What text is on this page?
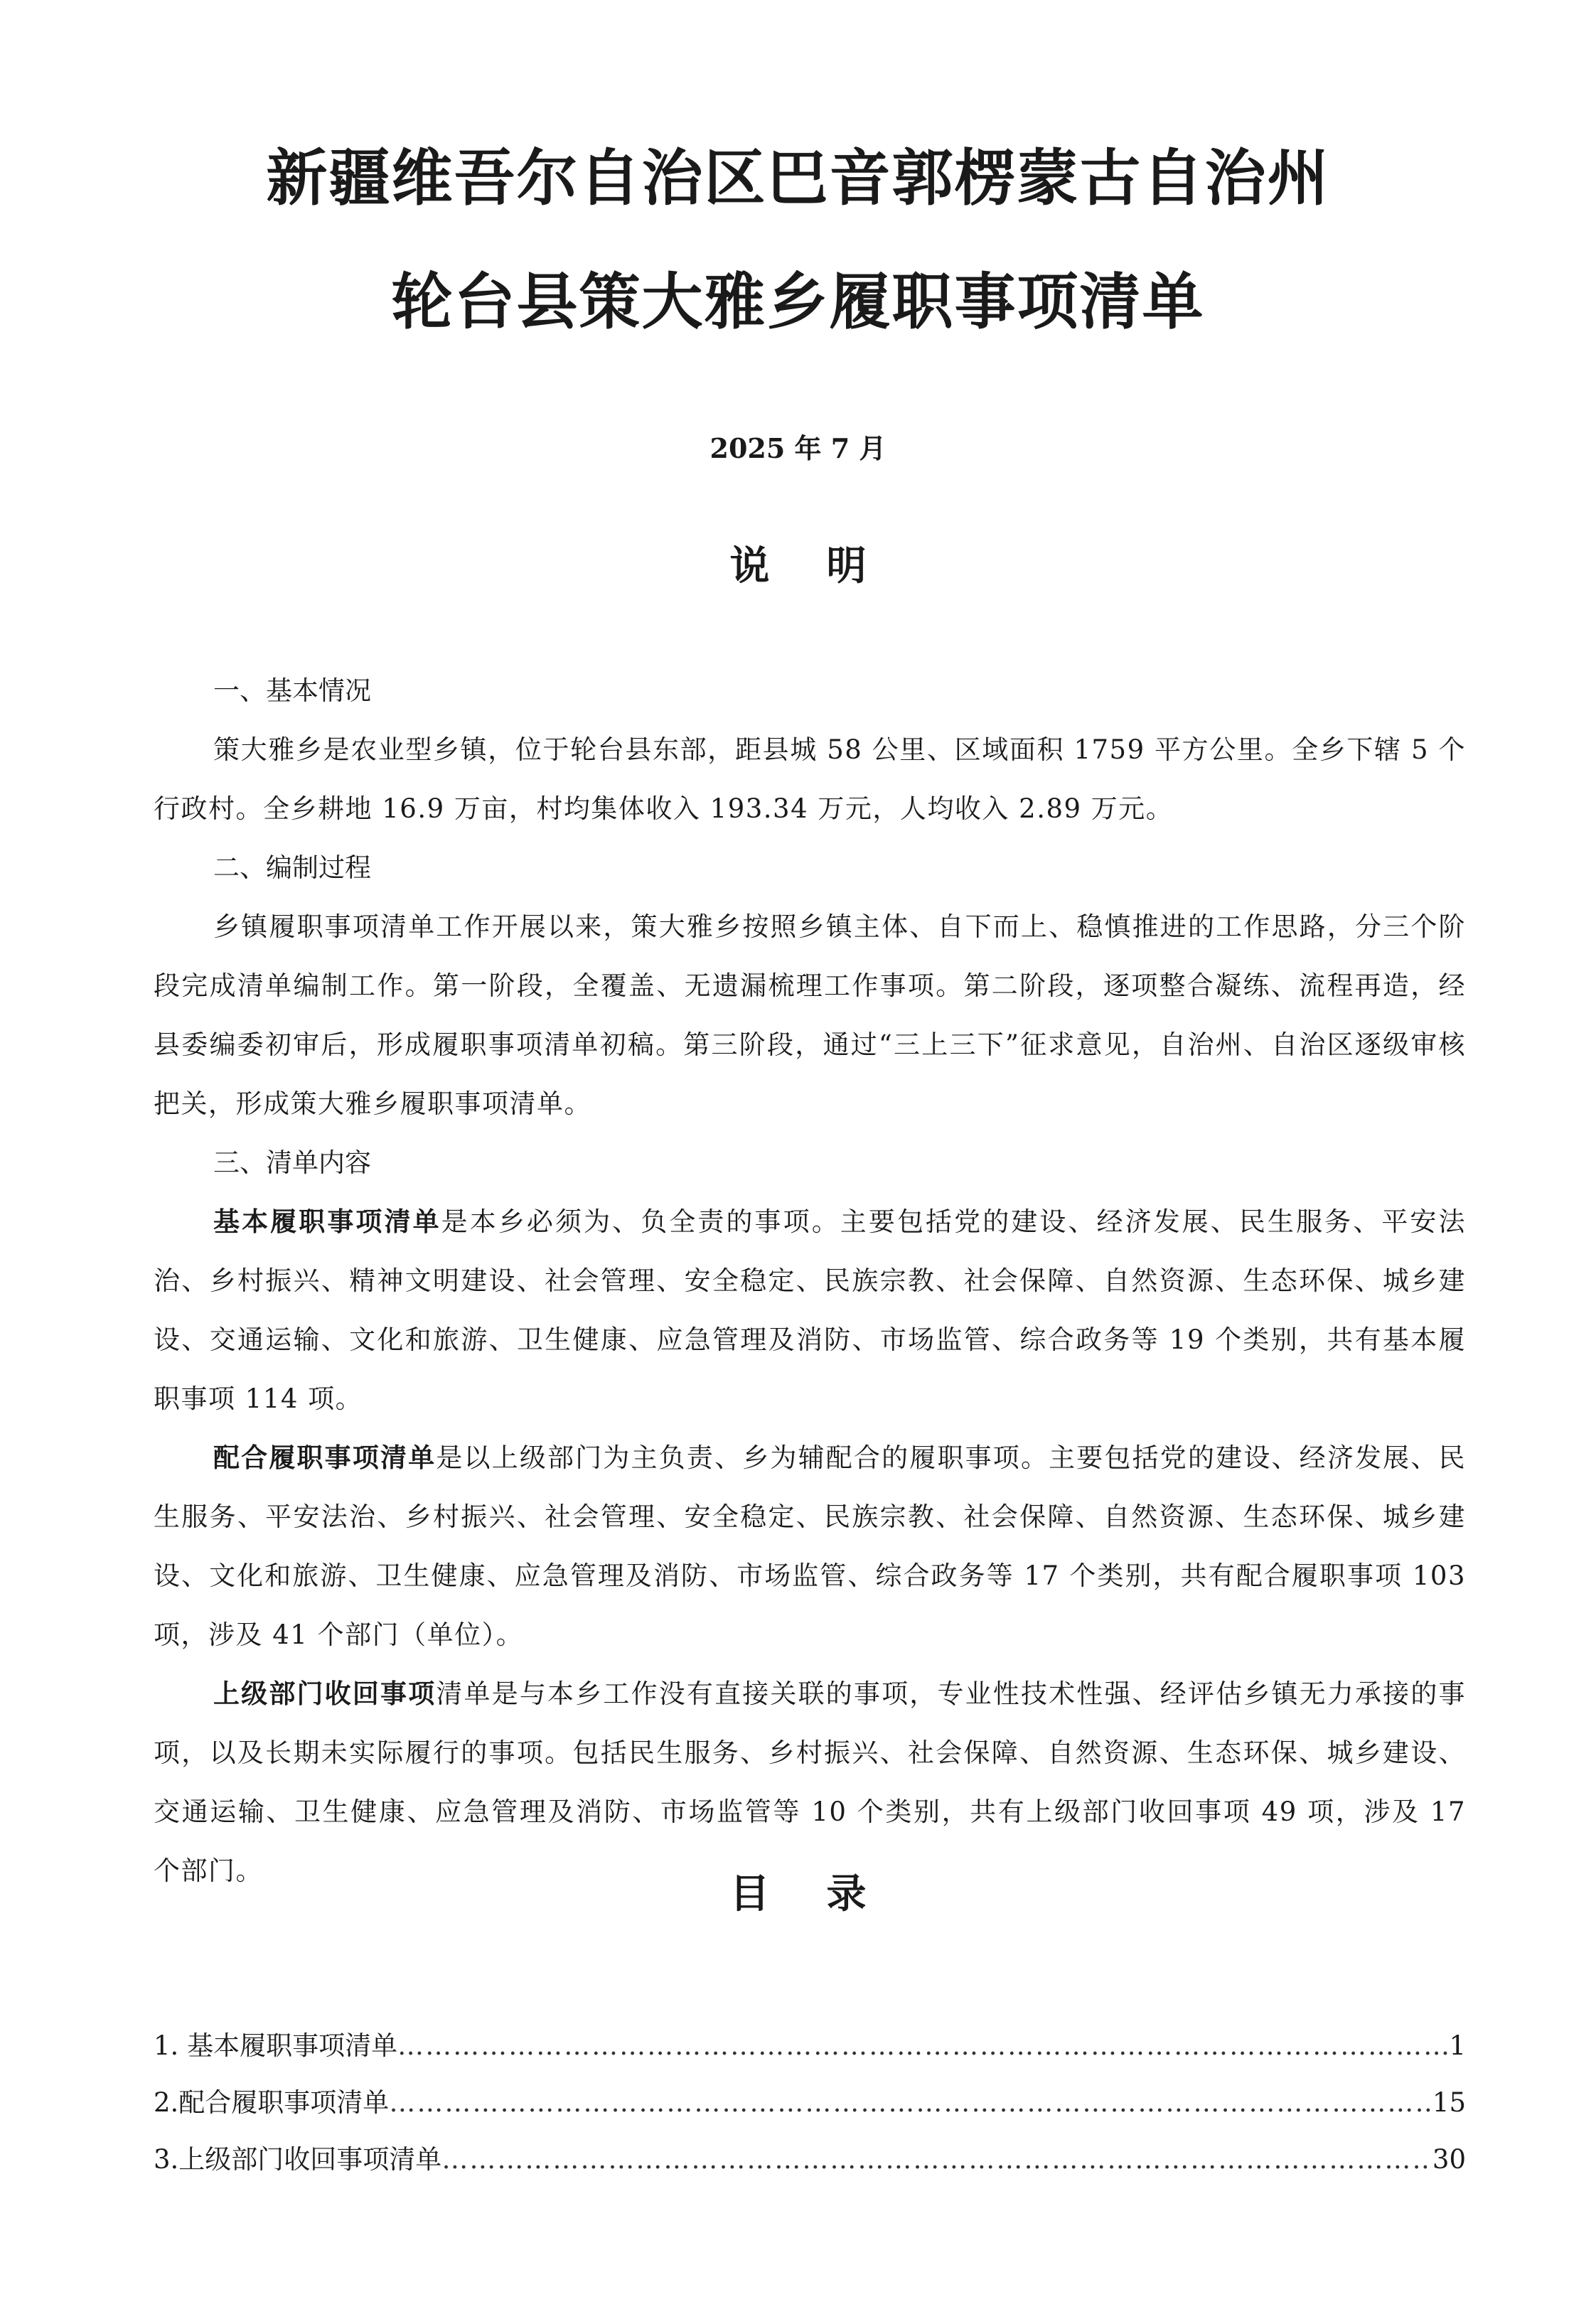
新疆维吾尔自治区巴音郭楞蒙古自治州
轮台县策大雅乡履职事项清单
2025 年 7 月
说明
一、基本情况

策大雅乡是农业型乡镇，位于轮台县东部，距县城 58 公里、区域面积 1759 平方公里。全乡下辖 5 个行政村。全乡耕地 16.9 万亩，村均集体收入 193.34 万元，人均收入 2.89 万元。

二、编制过程

乡镇履职事项清单工作开展以来，策大雅乡按照乡镇主体、自下而上、稳慎推进的工作思路，分三个阶段完成清单编制工作。第一阶段，全覆盖、无遗漏梳理工作事项。第二阶段，逐项整合凝练、流程再造，经县委编委初审后，形成履职事项清单初稿。第三阶段，通过“三上三下”征求意见，自治州、自治区逐级审核把关，形成策大雅乡履职事项清单。

三、清单内容

基本履职事项清单是本乡必须为、负全责的事项。主要包括党的建设、经济发展、民生服务、平安法治、乡村振兴、精神文明建设、社会管理、安全稳定、民族宗教、社会保障、自然资源、生态环保、城乡建设、交通运输、文化和旅游、卫生健康、应急管理及消防、市场监管、综合政务等 19 个类别，共有基本履职事项 114 项。

配合履职事项清单是以上级部门为主负责、乡为辅配合的履职事项。主要包括党的建设、经济发展、民生服务、平安法治、乡村振兴、社会管理、安全稳定、民族宗教、社会保障、自然资源、生态环保、城乡建设、文化和旅游、卫生健康、应急管理及消防、市场监管、综合政务等 17 个类别，共有配合履职事项 103 项，涉及 41 个部门（单位）。

上级部门收回事项清单是与本乡工作没有直接关联的事项，专业性技术性强、经评估乡镇无力承接的事项，以及长期未实际履行的事项。包括民生服务、乡村振兴、社会保障、自然资源、生态环保、城乡建设、交通运输、卫生健康、应急管理及消防、市场监管等 10 个类别，共有上级部门收回事项 49 项，涉及 17 个部门。	目录
1. 基本履职事项清单 ……………………………………………………………………………………………………………………………………………………………………………………………	1
2.配合履职事项清单 ……………………………………………………………………………………………………………………………………………………………………………………………	15
3.上级部门收回事项清单 ……………………………………………………………………………………………………………………………………………………………………………………………	30
